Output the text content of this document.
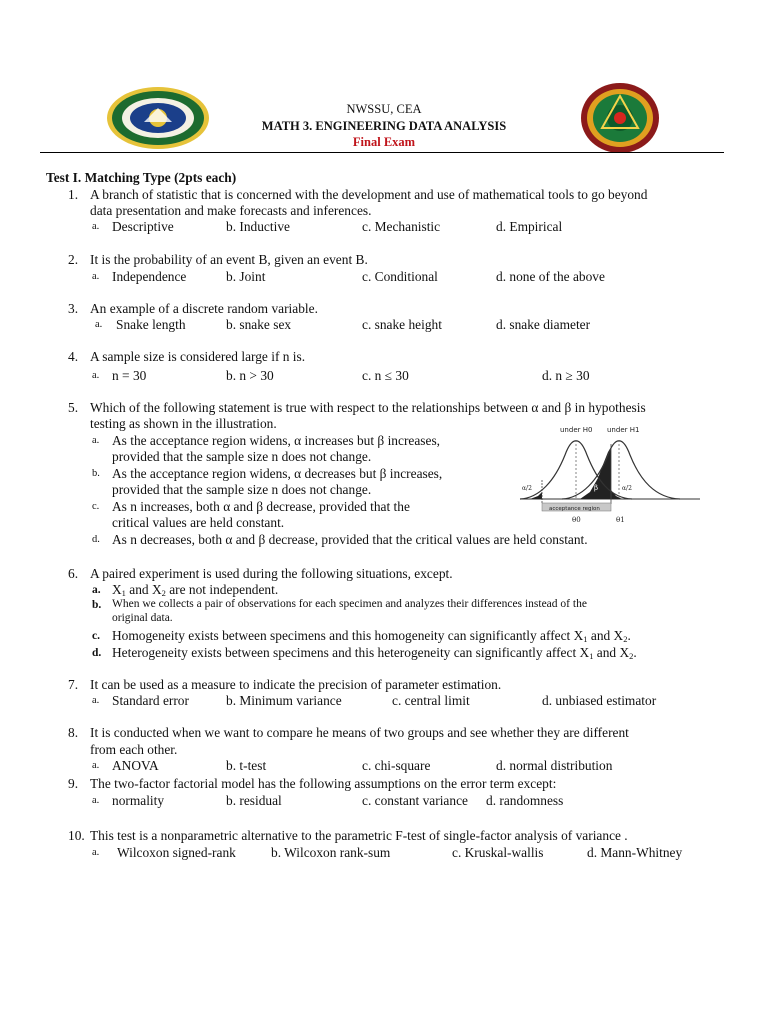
NWSSU, CEA
MATH 3. ENGINEERING DATA ANALYSIS
Final Exam
Test I. Matching Type (2pts each)
1. A branch of statistic that is concerned with the development and use of mathematical tools to go beyond
data presentation and make forecasts and inferences.
a. Descriptive	b. Inductive	c. Mechanistic	d. Empirical
2. It is the probability of an event B, given an event B.
a. Independence	b. Joint	c. Conditional	d. none of the above
3. An example of a discrete random variable.
a. Snake length	b. snake sex	c. snake height	d. snake diameter
4. A sample size is considered large if n is.
a. n = 30	b. n > 30	c. n ≤ 30	d. n ≥ 30
5. Which of the following statement is true with respect to the relationships between α and β in hypothesis
testing as shown in the illustration.
a. As the acceptance region widens, α increases but β increases,
provided that the sample size n does not change.
b. As the acceptance region widens, α decreases but β increases,
provided that the sample size n does not change.
c. As n increases, both α and β decrease, provided that the
critical values are held constant.
d. As n decreases, both α and β decrease, provided that the critical values are held constant.
under H0 under H1
acceptance region
θ0	θ1
α/2	β	α/2
6. A paired experiment is used during the following situations, except.
a. $X_1$ and $X_2$ are not independent.
b. When we collects a pair of observations for each specimen and analyzes their differences instead of the
original data.
c. Homogeneity exists between specimens and this homogeneity can significantly affect $X_1$ and $X_2$.
d. Heterogeneity exists between specimens and this heterogeneity can significantly affect $X_1$ and $X_2$.
7. It can be used as a measure to indicate the precision of parameter estimation.
a. Standard error	b. Minimum variance	c. central limit	d. unbiased estimator
8. It is conducted when we want to compare he means of two groups and see whether they are different
from each other.
a. ANOVA	b. t-test	c. chi-square	d. normal distribution
9. The two-factor factorial model has the following assumptions on the error term except:
a. normality	b. residual	c. constant variance d. randomness
10. This test is a nonparametric alternative to the parametric F-test of single-factor analysis of variance .
a. Wilcoxon signed-rank	b. Wilcoxon rank-sum	c. Kruskal-wallis	d. Mann-Whitney
